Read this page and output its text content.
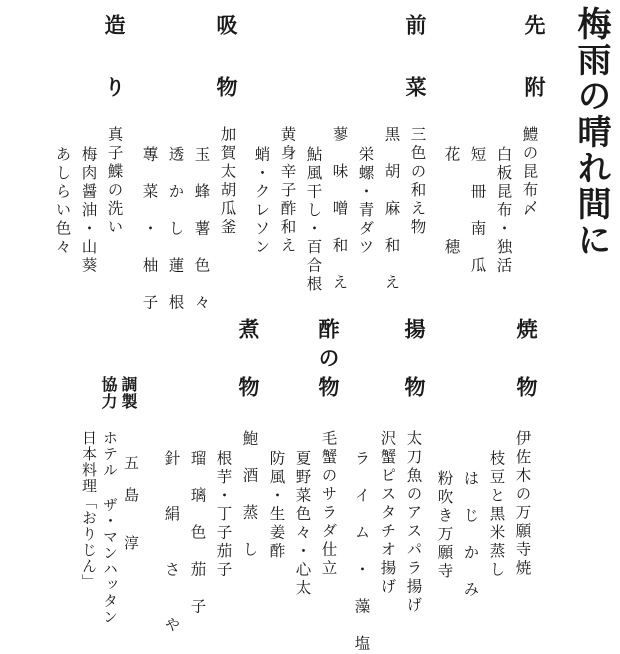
梅雨の晴れ間に
先
附
鱧の昆布〆
白板昆布・独活
短　冊　南　瓜
花　　　　穂
前
菜
三色の和え物
黒　胡　麻　和　え
栄螺・青ダツ
蓼　味　噌　和　え
鮎風干し・百合根
黄身辛子酢和え
蛸・クレソン
吸
物
加賀太胡瓜釜
玉　蜂　薯　色　々
透　か　し　蓮　根
蓴　菜　・　柚　子
造
り
真子鰈の洗い
梅肉醤油・山葵
あしらい色々
焼
物
伊佐木の万願寺焼
枝豆と黒米蒸し
は　じ　か　み
粉吹き万願寺
揚
物
太刀魚のアスパラ揚げ
沢蟹ピスタチオ揚げ
ラ　イ　ム　・　藻　塩
酢
の
物
毛蟹のサラダ仕立
夏野菜色々・心太
防風・生姜酢
煮
物
鮑　酒　蒸　し
根芋・丁子茄子
瑠　璃　色　茄　子
針　　絹　　さ　　や
調製
協力
五　島　　淳
ホテル ザ・マンハッタン
日本料理「おりじん」
